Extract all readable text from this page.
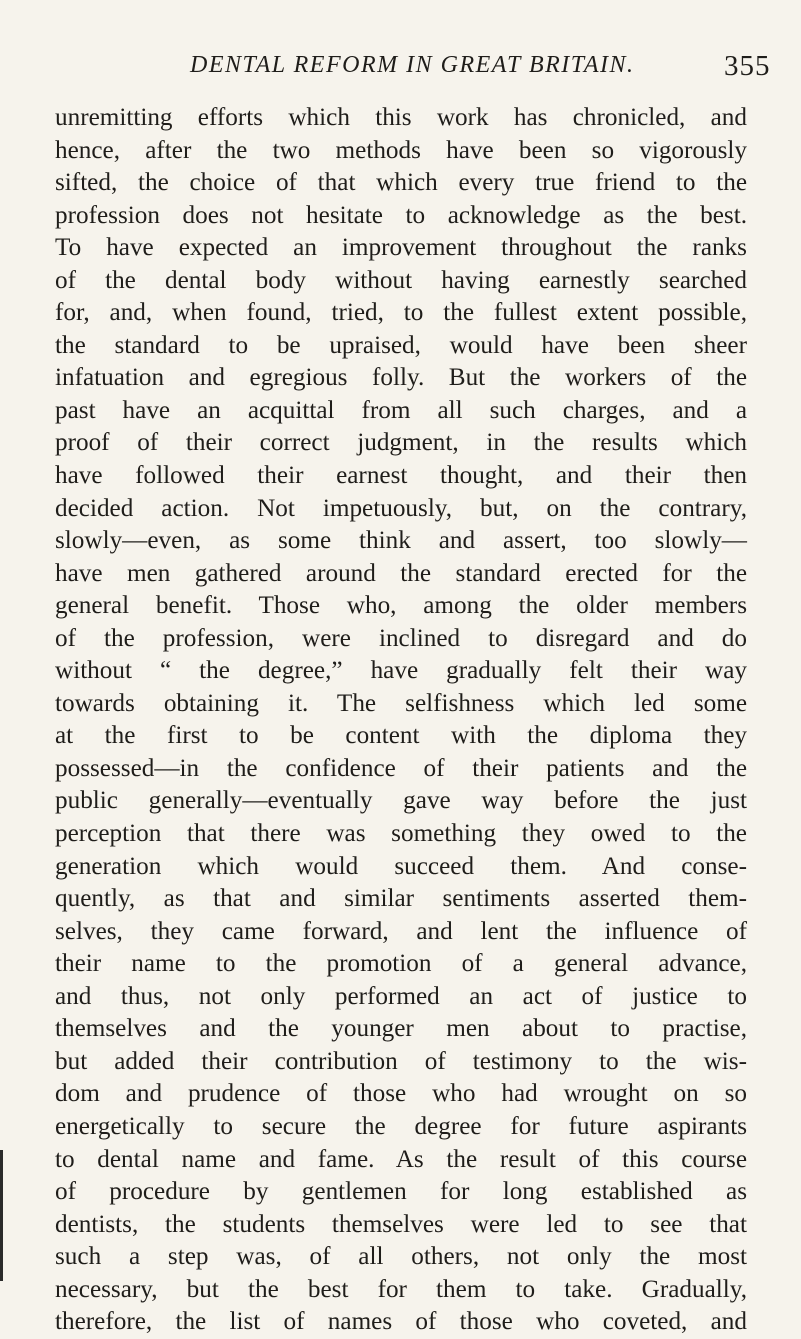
DENTAL REFORM IN GREAT BRITAIN.	355
unremitting efforts which this work has chronicled, and
hence, after the two methods have been so vigorously
sifted, the choice of that which every true friend to the
profession does not hesitate to acknowledge as the best.
To have expected an improvement throughout the ranks
of the dental body without having earnestly searched
for, and, when found, tried, to the fullest extent possible,
the standard to be upraised, would have been sheer
infatuation and egregious folly. But the workers of the
past have an acquittal from all such charges, and a
proof of their correct judgment, in the results which
have followed their earnest thought, and their then
decided action. Not impetuously, but, on the contrary,
slowly—even, as some think and assert, too slowly—
have men gathered around the standard erected for the
general benefit. Those who, among the older members
of the profession, were inclined to disregard and do
without “ the degree,” have gradually felt their way
towards obtaining it. The selfishness which led some
at the first to be content with the diploma they
possessed—in the confidence of their patients and the
public generally—eventually gave way before the just
perception that there was something they owed to the
generation which would succeed them. And conse-
quently, as that and similar sentiments asserted them-
selves, they came forward, and lent the influence of
their name to the promotion of a general advance,
and thus, not only performed an act of justice to
themselves and the younger men about to practise,
but added their contribution of testimony to the wis-
dom and prudence of those who had wrought on so
energetically to secure the degree for future aspirants
to dental name and fame. As the result of this course
of procedure by gentlemen for long established as
dentists, the students themselves were led to see that
such a step was, of all others, not only the most
necessary, but the best for them to take. Gradually,
therefore, the list of names of those who coveted, and
